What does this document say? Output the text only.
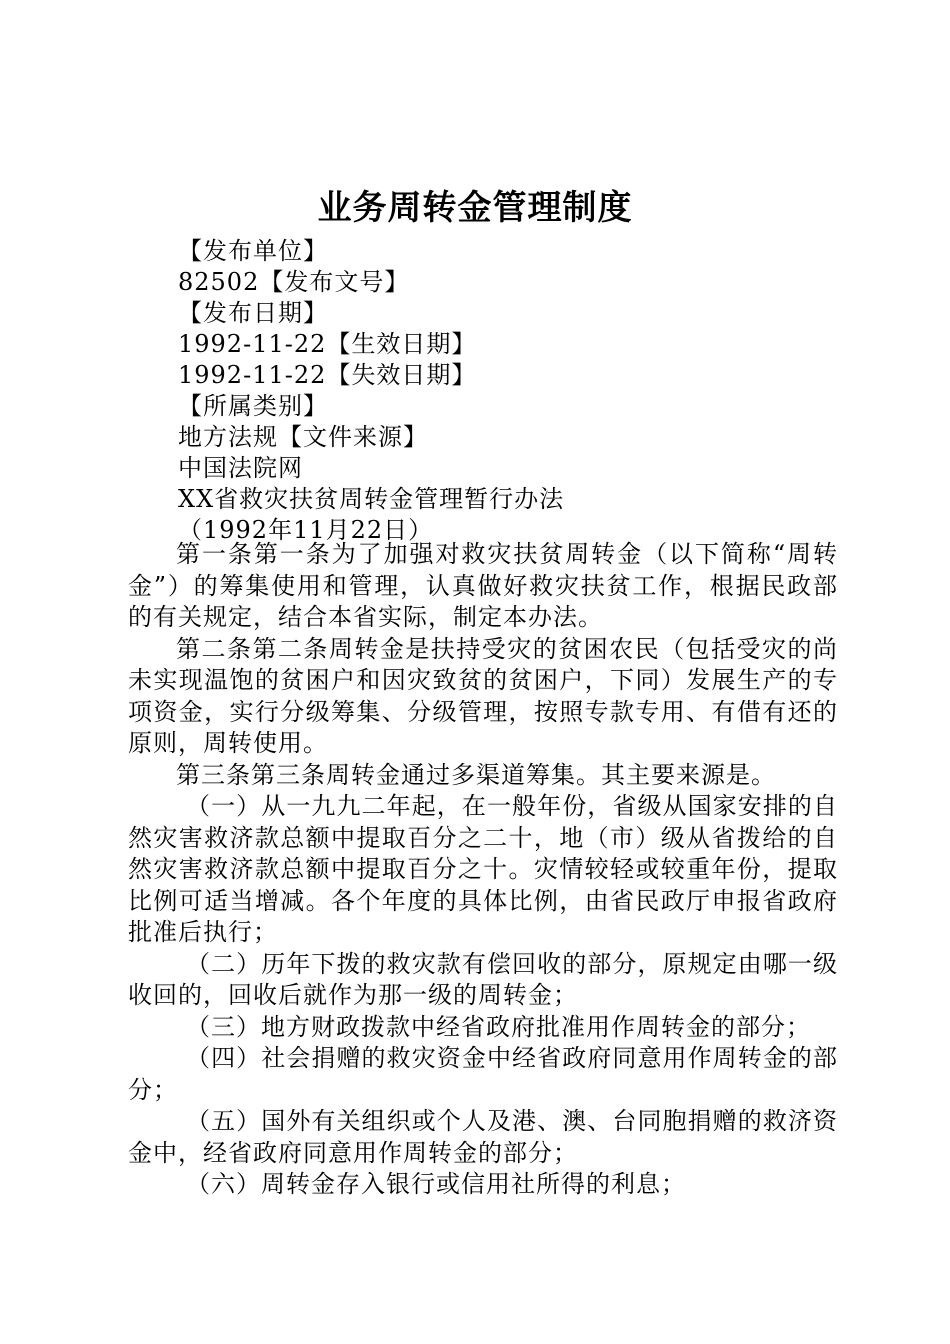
业务周转金管理制度
【发布单位】
82502【发布文号】
【发布日期】
1992-11-22【生效日期】
1992-11-22【失效日期】
【所属类别】
地方法规【文件来源】
中国法院网
XX省救灾扶贫周转金管理暂行办法
（1992年11月22日）

第一条第一条为了加强对救灾扶贫周转金（以下简称“周转金”）的筹集使用和管理，认真做好救灾扶贫工作，根据民政部的有关规定，结合本省实际，制定本办法。

第二条第二条周转金是扶持受灾的贫困农民（包括受灾的尚未实现温饱的贫困户和因灾致贫的贫困户，下同）发展生产的专项资金，实行分级筹集、分级管理，按照专款专用、有借有还的原则，周转使用。

第三条第三条周转金通过多渠道筹集。其主要来源是。

（一）从一九九二年起，在一般年份，省级从国家安排的自然灾害救济款总额中提取百分之二十，地（市）级从省拨给的自然灾害救济款总额中提取百分之十。灾情较轻或较重年份，提取比例可适当增减。各个年度的具体比例，由省民政厅申报省政府批准后执行；

（二）历年下拨的救灾款有偿回收的部分，原规定由哪一级收回的，回收后就作为那一级的周转金；

（三）地方财政拨款中经省政府批准用作周转金的部分；

（四）社会捐赠的救灾资金中经省政府同意用作周转金的部分；

（五）国外有关组织或个人及港、澳、台同胞捐赠的救济资金中，经省政府同意用作周转金的部分；

（六）周转金存入银行或信用社所得的利息；
